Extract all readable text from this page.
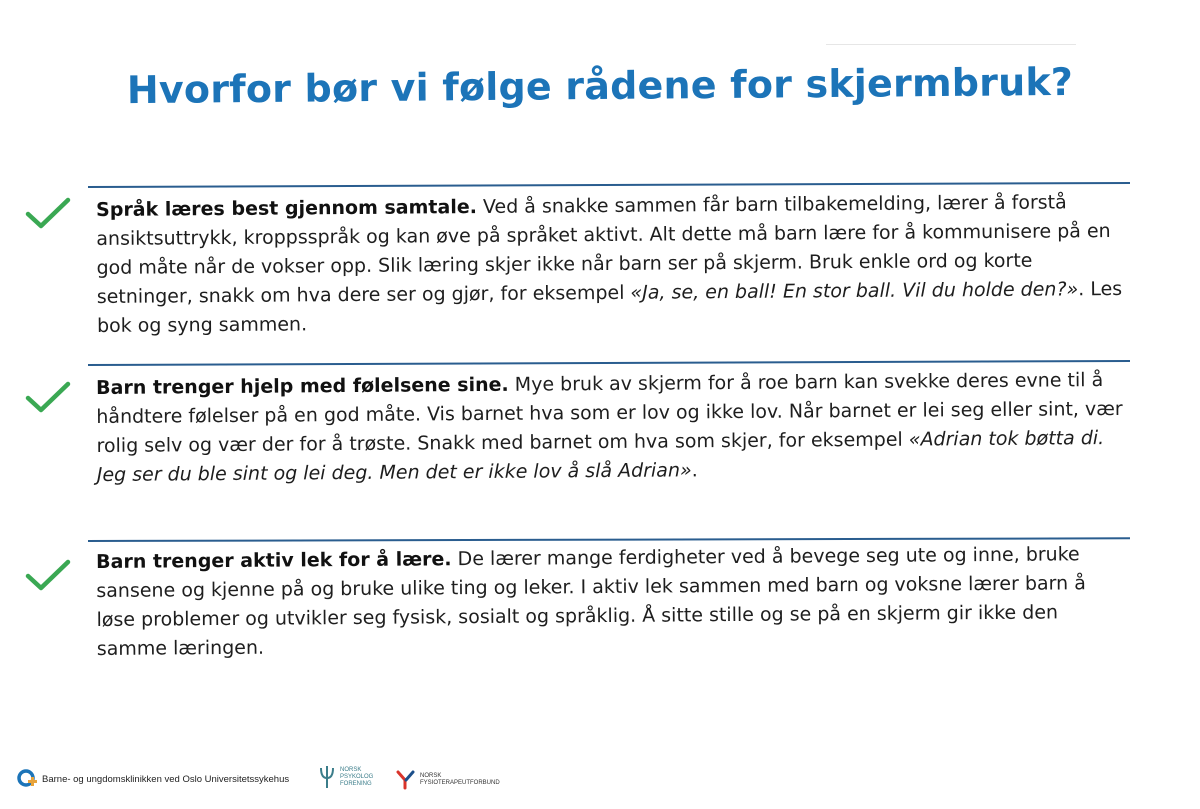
Hvorfor bør vi følge rådene for skjermbruk?

Språk læres best gjennom samtale. Ved å snakke sammen får barn tilbakemelding, lærer å forstå ansiktsuttrykk, kroppsspråk og kan øve på språket aktivt. Alt dette må barn lære for å kommunisere på en god måte når de vokser opp. Slik læring skjer ikke når barn ser på skjerm. Bruk enkle ord og korte setninger, snakk om hva dere ser og gjør, for eksempel «Ja, se, en ball! En stor ball. Vil du holde den?». Les bok og syng sammen.

Barn trenger hjelp med følelsene sine. Mye bruk av skjerm for å roe barn kan svekke deres evne til å håndtere følelser på en god måte. Vis barnet hva som er lov og ikke lov. Når barnet er lei seg eller sint, vær rolig selv og vær der for å trøste. Snakk med barnet om hva som skjer, for eksempel «Adrian tok bøtta di. Jeg ser du ble sint og lei deg. Men det er ikke lov å slå Adrian».

Barn trenger aktiv lek for å lære. De lærer mange ferdigheter ved å bevege seg ute og inne, bruke sansene og kjenne på og bruke ulike ting og leker. I aktiv lek sammen med barn og voksne lærer barn å løse problemer og utvikler seg fysisk, sosialt og språklig. Å sitte stille og se på en skjerm gir ikke den samme læringen.

Barne- og ungdomsklinikken ved Oslo Universitetssykehus
NORSK
PSYKOLOG
FORENING
NORSK
FYSIOTERAPEUTFORBUND
